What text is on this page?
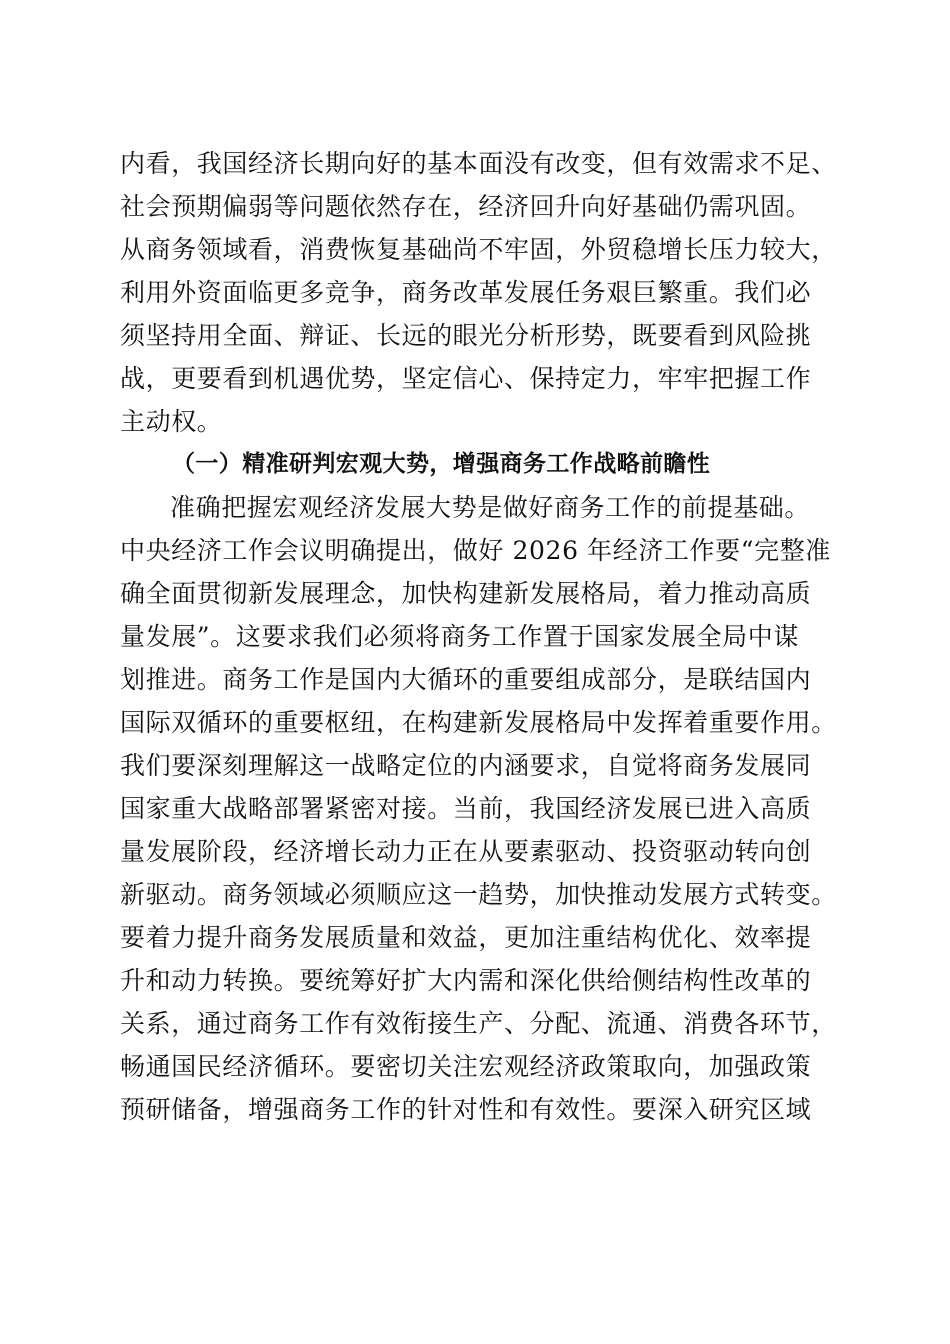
内看，我国经济长期向好的基本面没有改变，但有效需求不足、
社会预期偏弱等问题依然存在，经济回升向好基础仍需巩固。
从商务领域看，消费恢复基础尚不牢固，外贸稳增长压力较大，
利用外资面临更多竞争，商务改革发展任务艰巨繁重。我们必
须坚持用全面、辩证、长远的眼光分析形势，既要看到风险挑
战，更要看到机遇优势，坚定信心、保持定力，牢牢把握工作
主动权。
（一）精准研判宏观大势，增强商务工作战略前瞻性
准确把握宏观经济发展大势是做好商务工作的前提基础。
中央经济工作会议明确提出，做好 2026 年经济工作要“完整准
确全面贯彻新发展理念，加快构建新发展格局，着力推动高质
量发展”。这要求我们必须将商务工作置于国家发展全局中谋
划推进。商务工作是国内大循环的重要组成部分，是联结国内
国际双循环的重要枢纽，在构建新发展格局中发挥着重要作用。
我们要深刻理解这一战略定位的内涵要求，自觉将商务发展同
国家重大战略部署紧密对接。当前，我国经济发展已进入高质
量发展阶段，经济增长动力正在从要素驱动、投资驱动转向创
新驱动。商务领域必须顺应这一趋势，加快推动发展方式转变。
要着力提升商务发展质量和效益，更加注重结构优化、效率提
升和动力转换。要统筹好扩大内需和深化供给侧结构性改革的
关系，通过商务工作有效衔接生产、分配、流通、消费各环节，
畅通国民经济循环。要密切关注宏观经济政策取向，加强政策
预研储备，增强商务工作的针对性和有效性。要深入研究区域
